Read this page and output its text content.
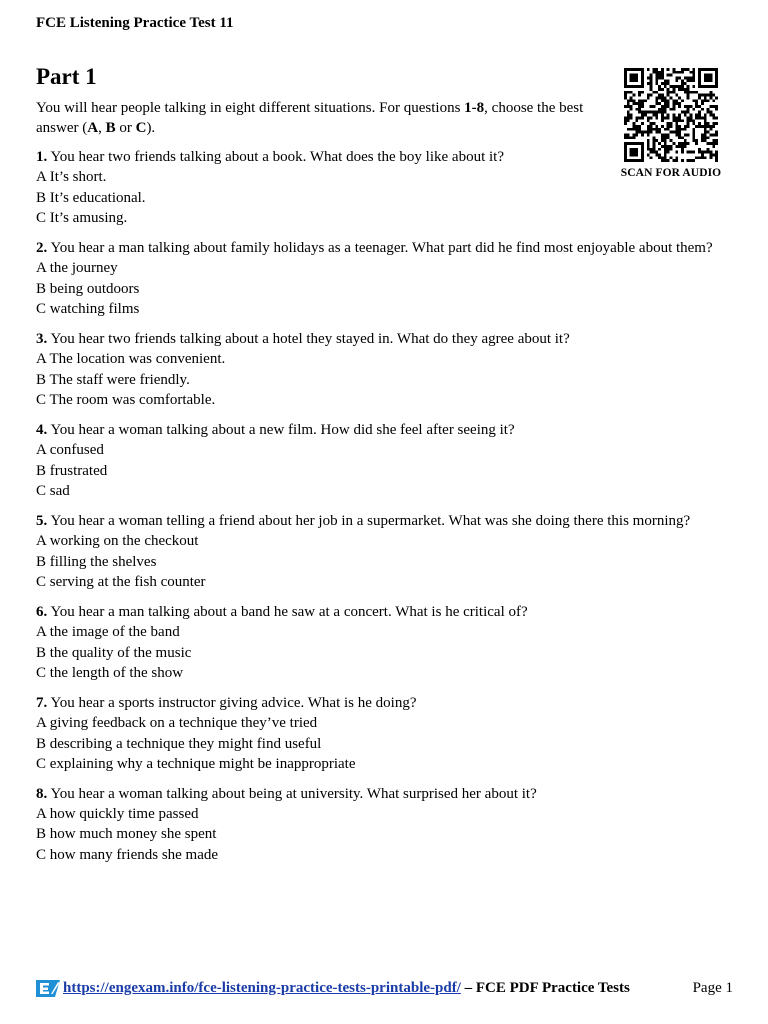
FCE Listening Practice Test 11
Part 1
SCAN FOR AUDIO

You will hear people talking in eight different situations. For questions 1-8, choose the best answer (A, B or C).

1. You hear two friends talking about a book. What does the boy like about it?
A It’s short.
B It’s educational.
C It’s amusing.
2. You hear a man talking about family holidays as a teenager. What part did he find most enjoyable about them?
A the journey
B being outdoors
C watching films
3. You hear two friends talking about a hotel they stayed in. What do they agree about it?
A The location was convenient.
B The staff were friendly.
C The room was comfortable.
4. You hear a woman talking about a new film. How did she feel after seeing it?
A confused
B frustrated
C sad
5. You hear a woman telling a friend about her job in a supermarket. What was she doing there this morning?
A working on the checkout
B filling the shelves
C serving at the fish counter
6. You hear a man talking about a band he saw at a concert. What is he critical of?
A the image of the band
B the quality of the music
C the length of the show
7. You hear a sports instructor giving advice. What is he doing?
A giving feedback on a technique they’ve tried
B describing a technique they might find useful
C explaining why a technique might be inappropriate
8. You hear a woman talking about being at university. What surprised her about it?
A how quickly time passed
B how much money she spent
C how many friends she made
https://engexam.info/fce-listening-practice-tests-printable-pdf/ – FCE PDF Practice Tests	Page 1
